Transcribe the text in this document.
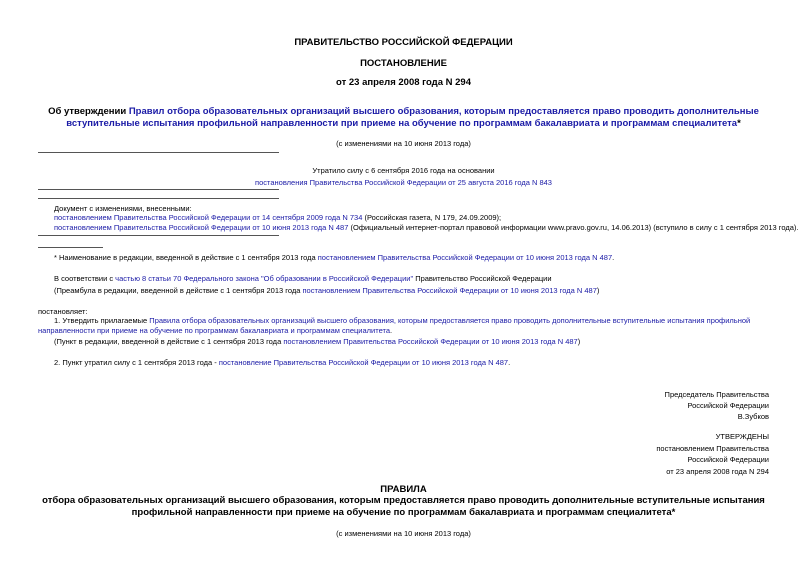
ПРАВИТЕЛЬСТВО РОССИЙСКОЙ ФЕДЕРАЦИИ
ПОСТАНОВЛЕНИЕ
от 23 апреля 2008 года N 294
Об утверждении Правил отбора образовательных организаций высшего образования, которым предоставляется право проводить дополнительные
вступительные испытания профильной направленности при приеме на обучение по программам бакалавриата и программам специалитета*
(с изменениями на 10 июня 2013 года)
Утратило силу с 6 сентября 2016 года на основании
постановления Правительства Российской Федерации от 25 августа 2016 года N 843
Документ с изменениями, внесенными:
постановлением Правительства Российской Федерации от 14 сентября 2009 года N 734 (Российская газета, N 179, 24.09.2009);
постановлением Правительства Российской Федерации от 10 июня 2013 года N 487 (Официальный интернет-портал правовой информации www.pravo.gov.ru, 14.06.2013) (вступило в силу с 1 сентября 2013 года).
* Наименование в редакции, введенной в действие с 1 сентября 2013 года постановлением Правительства Российской Федерации от 10 июня 2013 года N 487.
В соответствии с частью 8 статьи 70 Федерального закона "Об образовании в Российской Федерации" Правительство Российской Федерации
(Преамбула в редакции, введенной в действие с 1 сентября 2013 года постановлением Правительства Российской Федерации от 10 июня 2013 года N 487)
постановляет:
1. Утвердить прилагаемые Правила отбора образовательных организаций высшего образования, которым предоставляется право проводить дополнительные вступительные испытания профильной
направленности при приеме на обучение по программам бакалавриата и программам специалитета.
(Пункт в редакции, введенной в действие с 1 сентября 2013 года постановлением Правительства Российской Федерации от 10 июня 2013 года N 487)
2. Пункт утратил силу с 1 сентября 2013 года - постановление Правительства Российской Федерации от 10 июня 2013 года N 487.
Председатель Правительства
Российской Федерации
В.Зубков
УТВЕРЖДЕНЫ
постановлением Правительства
Российской Федерации
от 23 апреля 2008 года N 294
ПРАВИЛА
отбора образовательных организаций высшего образования, которым предоставляется право проводить дополнительные вступительные испытания
профильной направленности при приеме на обучение по программам бакалавриата и программам специалитета*
(с изменениями на 10 июня 2013 года)
